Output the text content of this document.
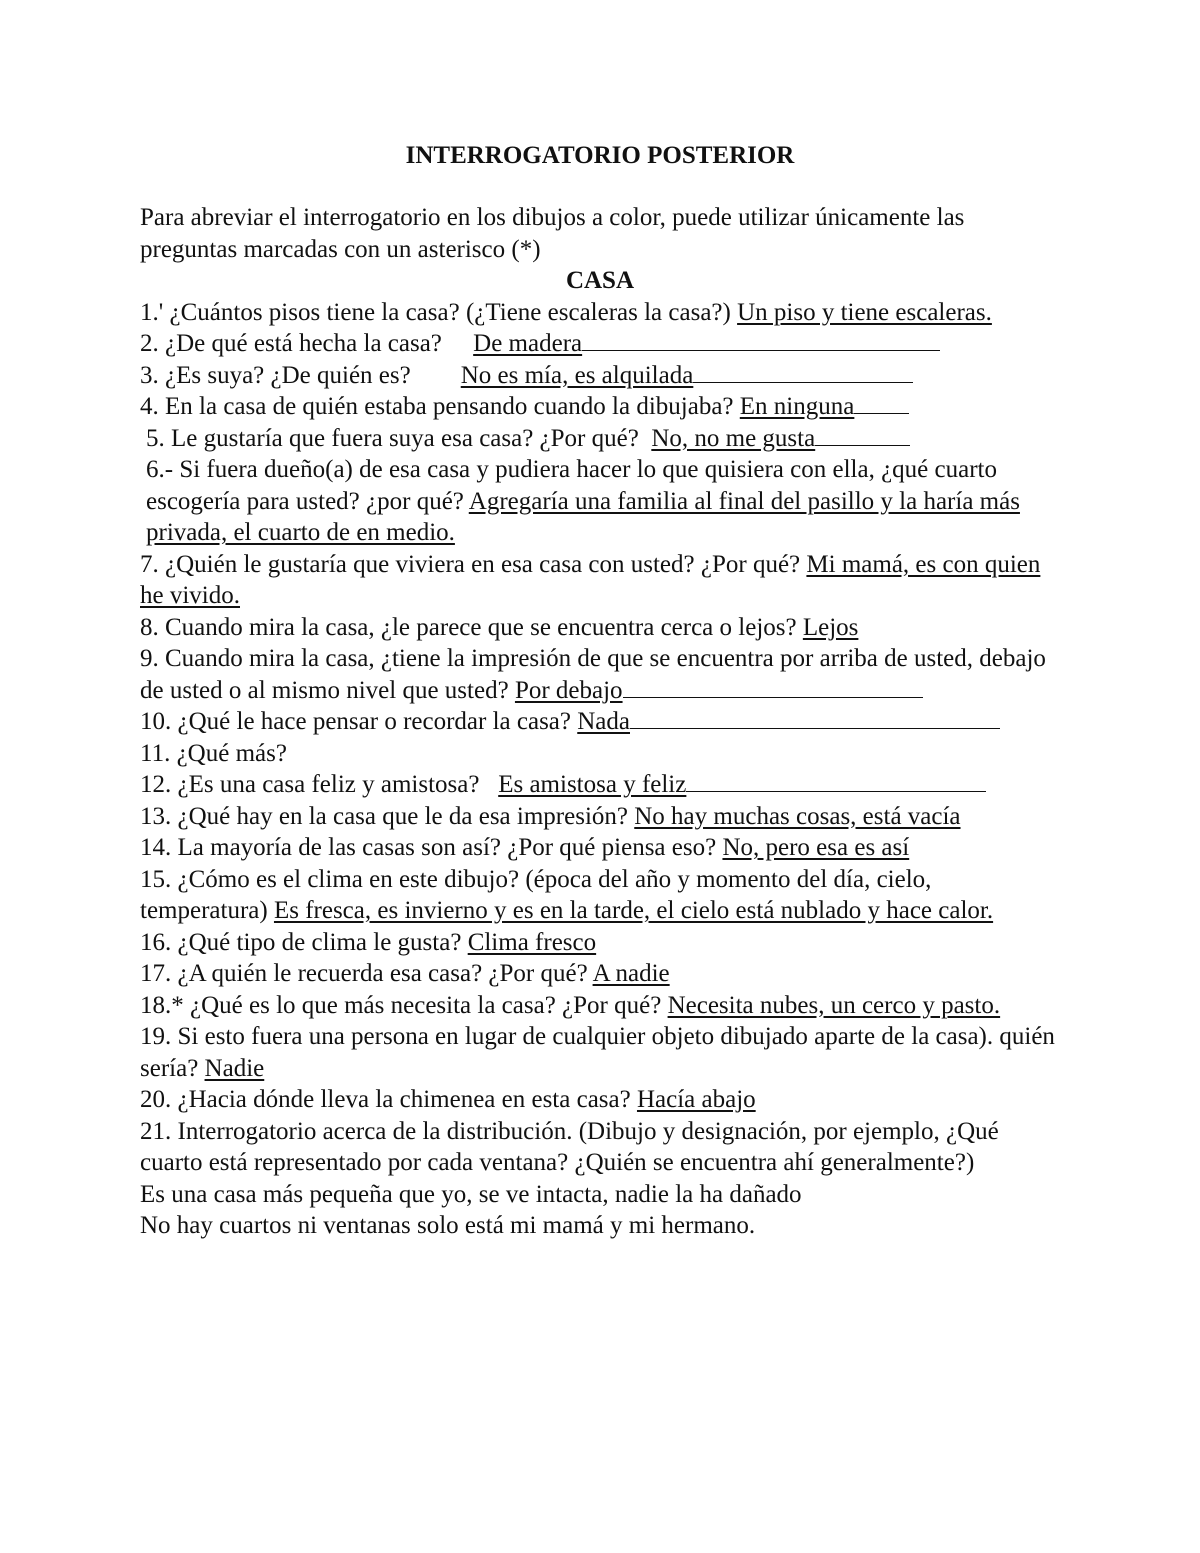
INTERROGATORIO POSTERIOR

Para abreviar el interrogatorio en los dibujos a color, puede utilizar únicamente las preguntas marcadas con un asterisco (*)

CASA

1.' ¿Cuántos pisos tiene la casa? (¿Tiene escaleras la casa?) Un piso y tiene escaleras.

2. ¿De qué está hecha la casa?     De madera

3. ¿Es suya? ¿De quién es?        No es mía, es alquilada

4. En la casa de quién estaba pensando cuando la dibujaba? En ninguna

5. Le gustaría que fuera suya esa casa? ¿Por qué?  No, no me gusta

6.- Si fuera dueño(a) de esa casa y pudiera hacer lo que quisiera con ella, ¿qué cuarto escogería para usted? ¿por qué? Agregaría una familia al final del pasillo y la haría más privada, el cuarto de en medio.

7. ¿Quién le gustaría que viviera en esa casa con usted? ¿Por qué? Mi mamá, es con quien he vivido.

8. Cuando mira la casa, ¿le parece que se encuentra cerca o lejos? Lejos

9. Cuando mira la casa, ¿tiene la impresión de que se encuentra por arriba de usted, debajo de usted o al mismo nivel que usted? Por debajo

10. ¿Qué le hace pensar o recordar la casa? Nada

11. ¿Qué más?

12. ¿Es una casa feliz y amistosa?   Es amistosa y feliz

13. ¿Qué hay en la casa que le da esa impresión? No hay muchas cosas, está vacía

14. La mayoría de las casas son así? ¿Por qué piensa eso? No, pero esa es así

15. ¿Cómo es el clima en este dibujo? (época del año y momento del día, cielo, temperatura) Es fresca, es invierno y es en la tarde, el cielo está nublado y hace calor.

16. ¿Qué tipo de clima le gusta? Clima fresco

17. ¿A quién le recuerda esa casa? ¿Por qué? A nadie

18.* ¿Qué es lo que más necesita la casa? ¿Por qué? Necesita nubes, un cerco y pasto.

19. Si esto fuera una persona en lugar de cualquier objeto dibujado aparte de la casa). quién sería? Nadie

20. ¿Hacia dónde lleva la chimenea en esta casa? Hacía abajo

21. Interrogatorio acerca de la distribución. (Dibujo y designación, por ejemplo, ¿Qué cuarto está representado por cada ventana? ¿Quién se encuentra ahí generalmente?)

Es una casa más pequeña que yo, se ve intacta, nadie la ha dañado

No hay cuartos ni ventanas solo está mi mamá y mi hermano.
